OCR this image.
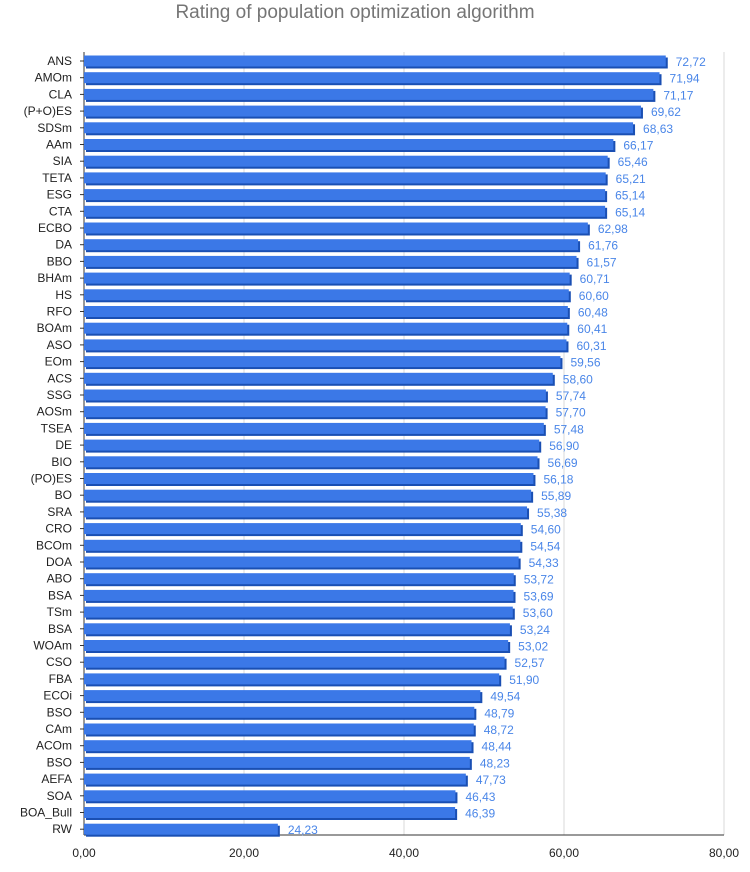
Rating of population optimization algorithm
0,00	20,00	40,00	60,00	80,00
ANS	72,72
AMOm	71,94
CLA	71,17
(P+O)ES	69,62
SDSm	68,63
AAm	66,17
SIA	65,46
TETA	65,21
ESG	65,14
CTA	65,14
ECBO	62,98
DA	61,76
BBO	61,57
BHAm	60,71
HS	60,60
RFO	60,48
BOAm	60,41
ASO	60,31
EOm	59,56
ACS	58,60
SSG	57,74
AOSm	57,70
TSEA	57,48
DE	56,90
BIO	56,69
(PO)ES	56,18
BO	55,89
SRA	55,38
CRO	54,60
BCOm	54,54
DOA	54,33
ABO	53,72
BSA	53,69
TSm	53,60
BSA	53,24
WOAm	53,02
CSO	52,57
FBA	51,90
ECOi	49,54
BSO	48,79
CAm	48,72
ACOm	48,44
BSO	48,23
AEFA	47,73
SOA	46,43
BOA_Bull	46,39
RW	24,23
